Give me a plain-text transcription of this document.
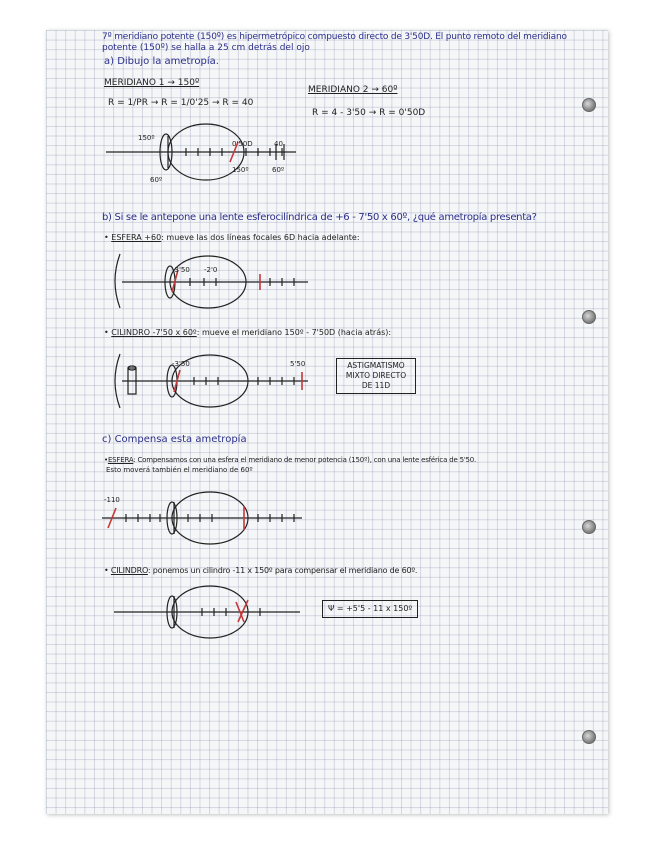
7º meridiano potente (150º) es hipermetrópico compuesto directo de 3'50D. El punto remoto del meridiano
potente (150º) se halla a 25 cm detrás del ojo
a) Dibujo la ametropía.
MERIDIANO 1 → 150º
R = 1/PR → R = 1/0'25 → R = 40
MERIDIANO 2 → 60º
R = 4 - 3'50 → R = 0'50D
150º
60º
0'50D	40
150º	60º
b) Si se le antepone una lente esferocilíndrica de +6 - 7'50 x 60º, ¿qué ametropía presenta?
• ESFERA +60: mueve las dos líneas focales 6D hacia adelante:
-3'50 -2'0
• CILINDRO -7'50 x 60º: mueve el meridiano 150º - 7'50D (hacia atrás):
-3'50	5'50	ASTIGMATISMO
MIXTO DIRECTO
DE 11D
c) Compensa esta ametropía
•ESFERA: Compensamos con una esfera el meridiano de menor potencia (150º), con una lente esférica de 5'50.
Esto moverá también el meridiano de 60º
-110
• CILINDRO: ponemos un cilindro -11 x 150º para compensar el meridiano de 60º.
Ψ = +5'5 - 11 x 150º
